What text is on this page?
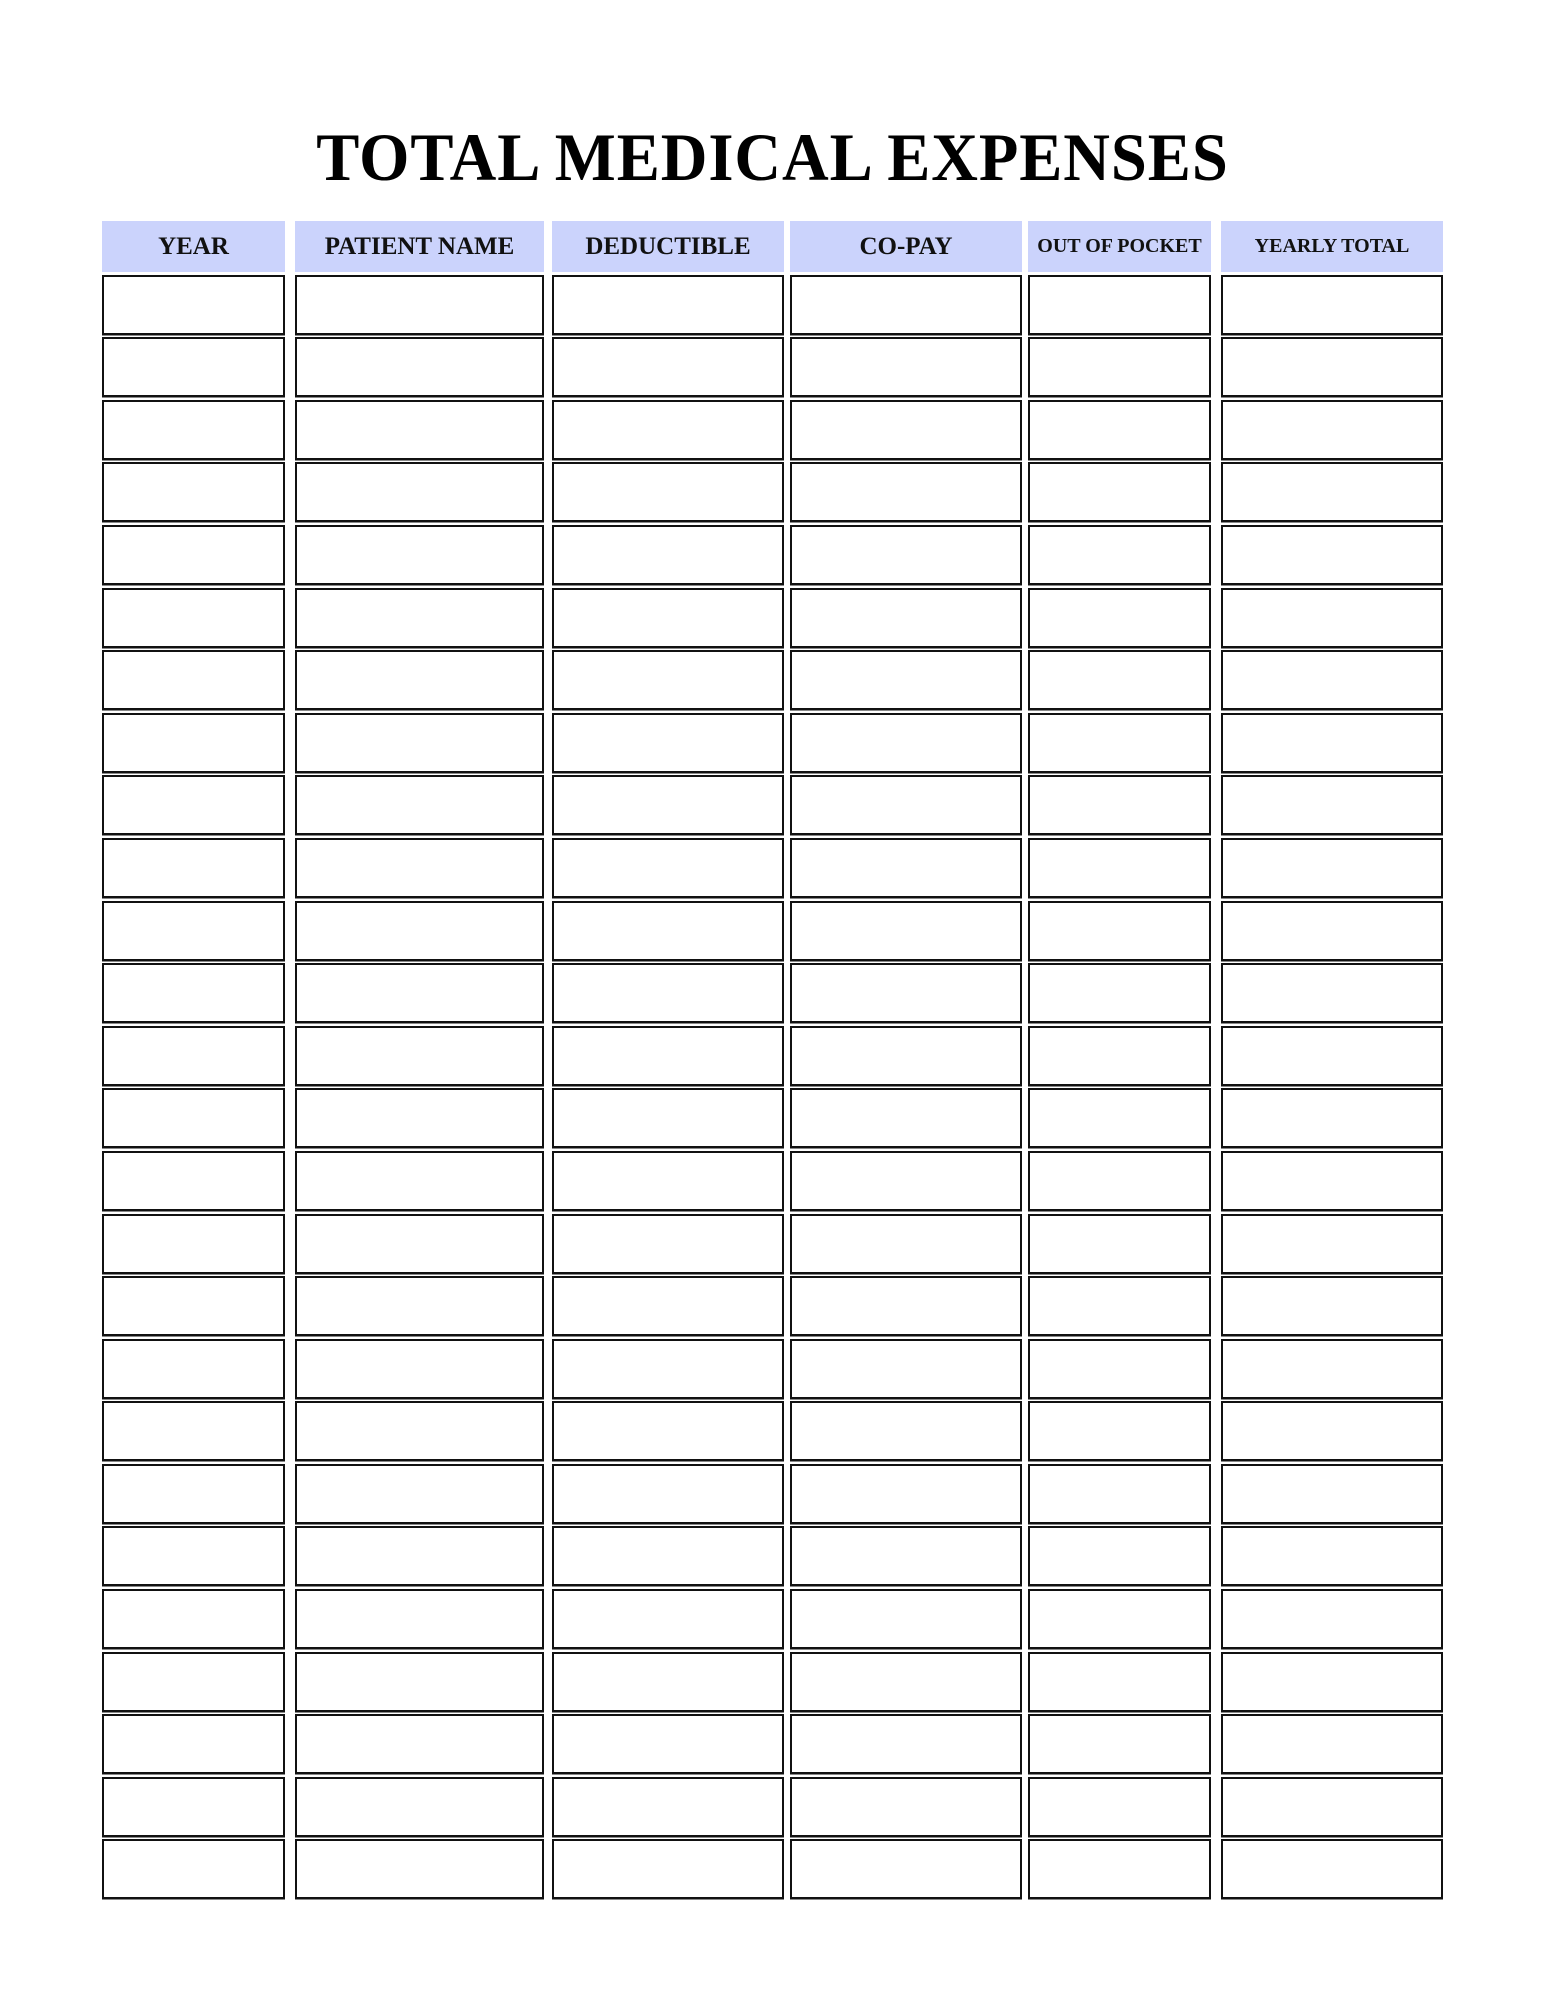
TOTAL MEDICAL EXPENSES
YEAR	PATIENT NAME	DEDUCTIBLE	CO-PAY	OUT OF POCKET	YEARLY TOTAL
